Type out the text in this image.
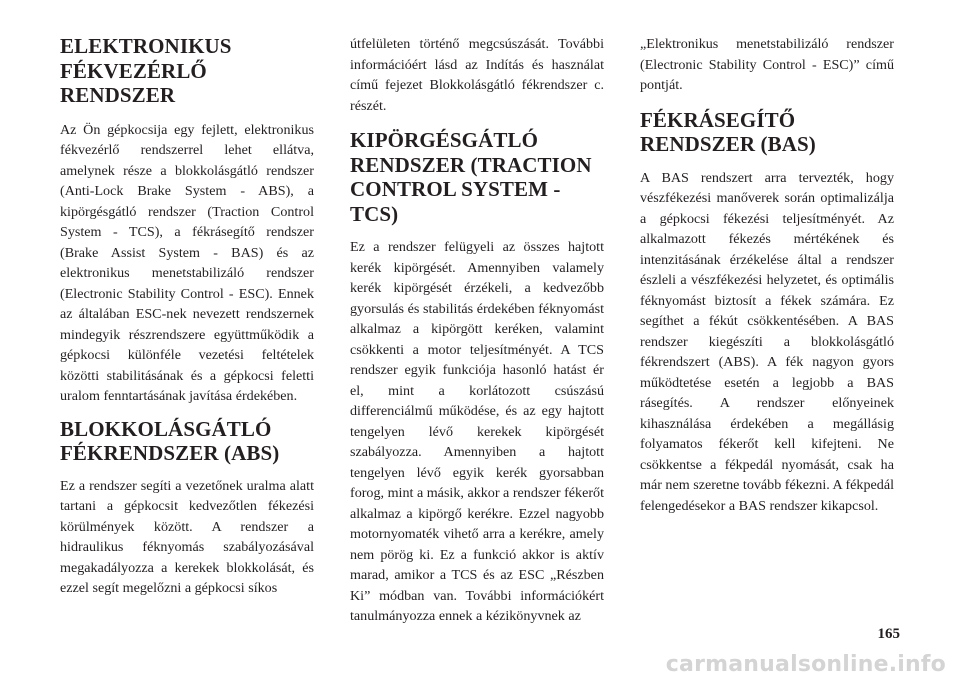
ELEKTRONIKUS FÉKVEZÉRLŐ RENDSZER

Az Ön gépkocsija egy fejlett, elektronikus fékvezérlő rendszerrel lehet ellátva, amelynek része a blokkolásgátló rendszer (Anti-Lock Brake System - ABS), a kipörgésgátló rendszer (Traction Control System - TCS), a fékrásegítő rendszer (Brake Assist System - BAS) és az elektronikus menetstabilizáló rendszer (Electronic Stability Control - ESC). Ennek az általában ESC-nek nevezett rendszernek mindegyik részrendszere együttműködik a gépkocsi különféle vezetési feltételek közötti stabilitásának és a gépkocsi feletti uralom fenntartásának javítása érdekében.

BLOKKOLÁSGÁTLÓ FÉKRENDSZER (ABS)

Ez a rendszer segíti a vezetőnek uralma alatt tartani a gépkocsit kedvezőtlen fékezési körülmények között. A rendszer a hidraulikus féknyomás szabályozásával megakadályozza a kerekek blokkolását, és ezzel segít megelőzni a gépkocsi síkos

útfelületen történő megcsúszását. További információért lásd az Indítás és használat című fejezet Blokkolásgátló fékrendszer c. részét.

KIPÖRGÉSGÁTLÓ RENDSZER (TRACTION CONTROL SYSTEM - TCS)

Ez a rendszer felügyeli az összes hajtott kerék kipörgését. Amennyiben valamely kerék kipörgését érzékeli, a kedvezőbb gyorsulás és stabilitás érdekében féknyomást alkalmaz a kipörgött keréken, valamint csökkenti a motor teljesítményét. A TCS rendszer egyik funkciója hasonló hatást ér el, mint a korlátozott csúszású differenciálmű működése, és az egy hajtott tengelyen lévő kerekek kipörgését szabályozza. Amennyiben a hajtott tengelyen lévő egyik kerék gyorsabban forog, mint a másik, akkor a rendszer fékerőt alkalmaz a kipörgő kerékre. Ezzel nagyobb motornyomaték vihető arra a kerékre, amely nem pörög ki. Ez a funkció akkor is aktív marad, amikor a TCS és az ESC „Részben Ki” módban van. További információkért tanulmányozza ennek a kézikönyvnek az

„Elektronikus menetstabilizáló rendszer (Electronic Stability Control - ESC)” című pontját.

FÉKRÁSEGÍTŐ RENDSZER (BAS)

A BAS rendszert arra tervezték, hogy vészfékezési manőverek során optimalizálja a gépkocsi fékezési teljesítményét. Az alkalmazott fékezés mértékének és intenzitásának érzékelése által a rendszer észleli a vészfékezési helyzetet, és optimális féknyomást biztosít a fékek számára. Ez segíthet a fékút csökkentésében. A BAS rendszer kiegészíti a blokkolásgátló fékrendszert (ABS). A fék nagyon gyors működtetése esetén a legjobb a BAS rásegítés. A rendszer előnyeinek kihasználása érdekében a megállásig folyamatos fékerőt kell kifejteni. Ne csökkentse a fékpedál nyomását, csak ha már nem szeretne tovább fékezni. A fékpedál felengedésekor a BAS rendszer kikapcsol.

165
carmanualsonline.info
